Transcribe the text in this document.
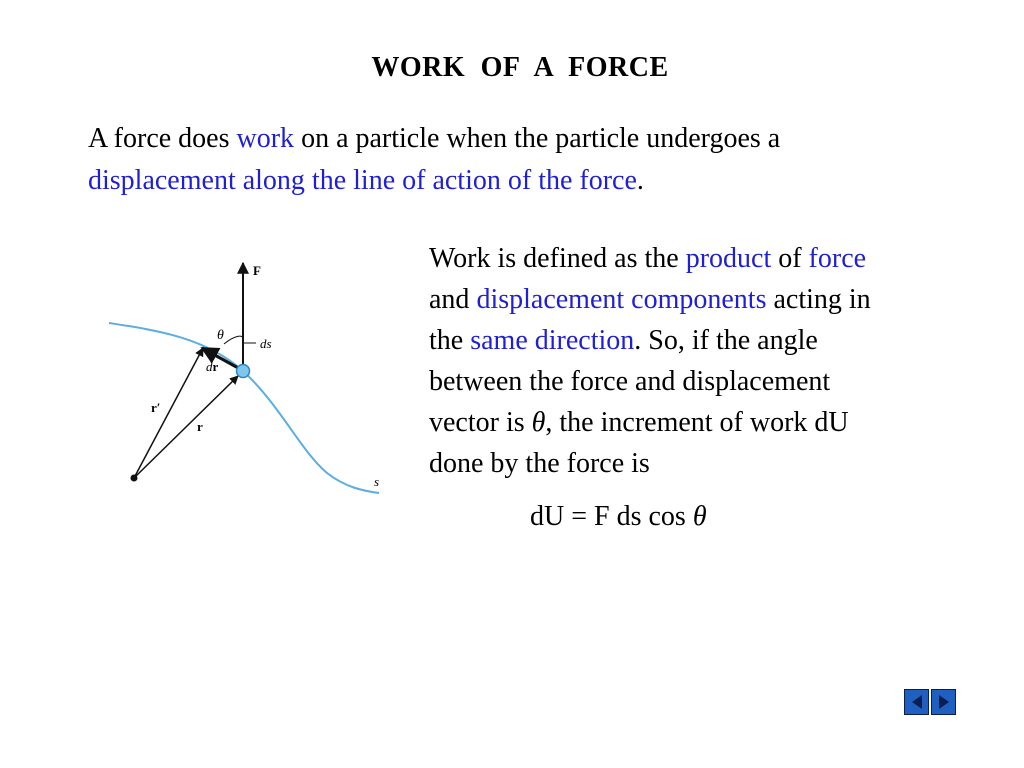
WORK OF A FORCE
A force does work on a particle when the particle undergoes a
displacement along the line of action of the force.
F
θ
ds
dr
r′
r
s
Work is defined as the product of force
and displacement components acting in
the same direction. So, if the angle
between the force and displacement
vector is θ, the increment of work dU
done by the force is
dU = F ds cos θ
